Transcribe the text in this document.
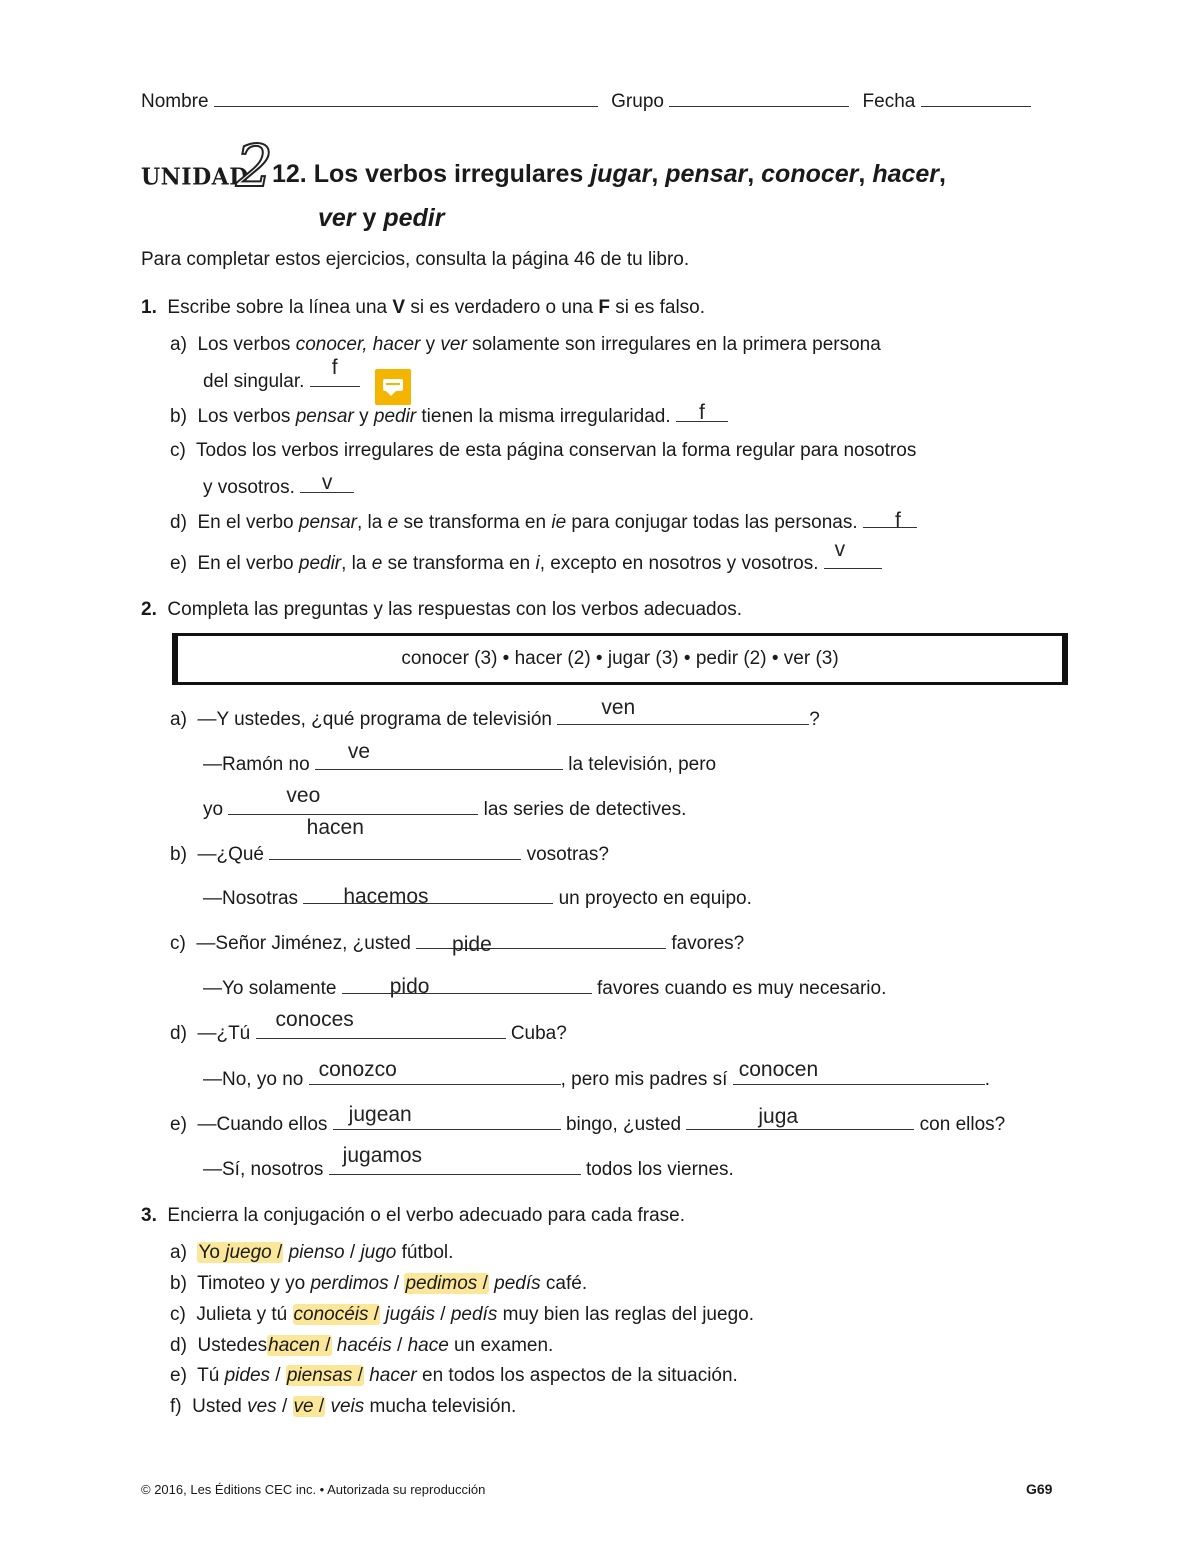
Nombre	Grupo	Fecha
UNIDAD
2 12. Los verbos irregulares jugar, pensar, conocer, hacer,
ver y pedir
Para completar estos ejercicios, consulta la página 46 de tu libro.
1. Escribe sobre la línea una V si es verdadero o una F si es falso.
a) Los verbos conocer, hacer y ver solamente son irregulares en la primera persona
del singular.
f
b) Los verbos pensar y pedir tienen la misma irregularidad.	f
c) Todos los verbos irregulares de esta página conservan la forma regular para nosotros
y vosotros.	v
d) En el verbo pensar, la e se transforma en ie para conjugar todas las personas.	f
e) En el verbo pedir, la e se transforma en i, excepto en nosotros y vosotros.
v
2. Completa las preguntas y las respuestas con los verbos adecuados.
conocer (3) • hacer (2) • jugar (3) • pedir (2) • ver (3)
a) —Y ustedes, ¿qué programa de televisión
ven
?
—Ramón no
ve
la televisión, pero
yo
veo
las series de detectives.
b) —¿Qué
hacen
vosotras?
—Nosotras hacemos	un proyecto en equipo.
c) —Señor Jiménez, ¿usted pide	favores?
—Yo solamente	pido	favores cuando es muy necesario.
d) —¿Tú
conoces
Cuba?
—No, yo no conozco	, pero mis padres sí conocen	.
e) —Cuando ellos jugean	bingo, ¿usted	juga	con ellos?
—Sí, nosotros
jugamos
todos los viernes.
3. Encierra la conjugación o el verbo adecuado para cada frase.
a) Yo juego / pienso / jugo fútbol.
b) Timoteo y yo perdimos / pedimos / pedís café.
c) Julieta y tú conocéis / jugáis / pedís muy bien las reglas del juego.
d) Ustedeshacen / hacéis / hace un examen.
e) Tú pides / piensas / hacer en todos los aspectos de la situación.
f) Usted ves / ve / veis mucha televisión.
© 2016, Les Éditions CEC inc. • Autorizada su reproducción	G69
